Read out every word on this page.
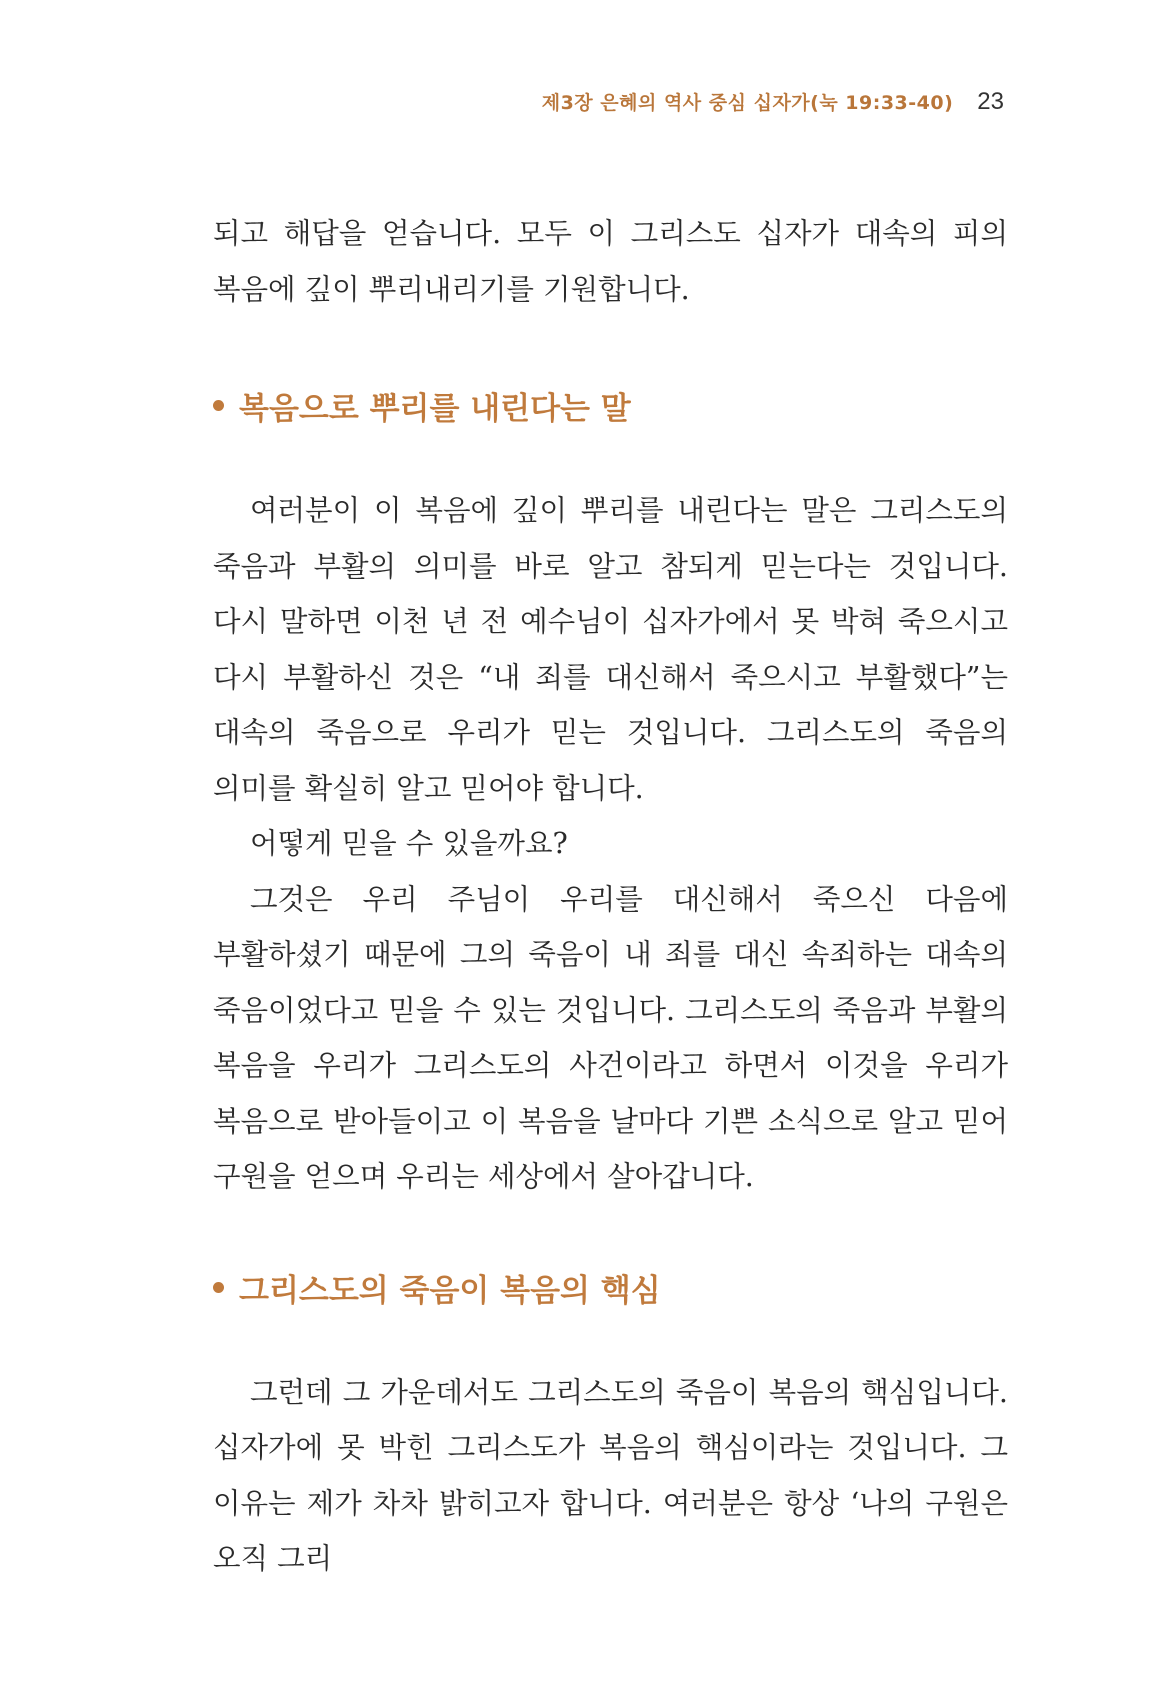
제3장 은혜의 역사 중심 십자가(눅 19:33-40) 23

되고 해답을 얻습니다. 모두 이 그리스도 십자가 대속의 피의 복음에 깊이 뿌리내리기를 기원합니다.

복음으로 뿌리를 내린다는 말

여러분이 이 복음에 깊이 뿌리를 내린다는 말은 그리스도의 죽음과 부활의 의미를 바로 알고 참되게 믿는다는 것입니다. 다시 말하면 이천 년 전 예수님이 십자가에서 못 박혀 죽으시고 다시 부활하신 것은 “내 죄를 대신해서 죽으시고 부활했다”는 대속의 죽음으로 우리가 믿는 것입니다. 그리스도의 죽음의 의미를 확실히 알고 믿어야 합니다.

어떻게 믿을 수 있을까요?

그것은 우리 주님이 우리를 대신해서 죽으신 다음에 부활하셨기 때문에 그의 죽음이 내 죄를 대신 속죄하는 대속의 죽음이었다고 믿을 수 있는 것입니다. 그리스도의 죽음과 부활의 복음을 우리가 그리스도의 사건이라고 하면서 이것을 우리가 복음으로 받아들이고 이 복음을 날마다 기쁜 소식으로 알고 믿어 구원을 얻으며 우리는 세상에서 살아갑니다.

그리스도의 죽음이 복음의 핵심

그런데 그 가운데서도 그리스도의 죽음이 복음의 핵심입니다. 십자가에 못 박힌 그리스도가 복음의 핵심이라는 것입니다. 그 이유는 제가 차차 밝히고자 합니다. 여러분은 항상 ‘나의 구원은 오직 그리
